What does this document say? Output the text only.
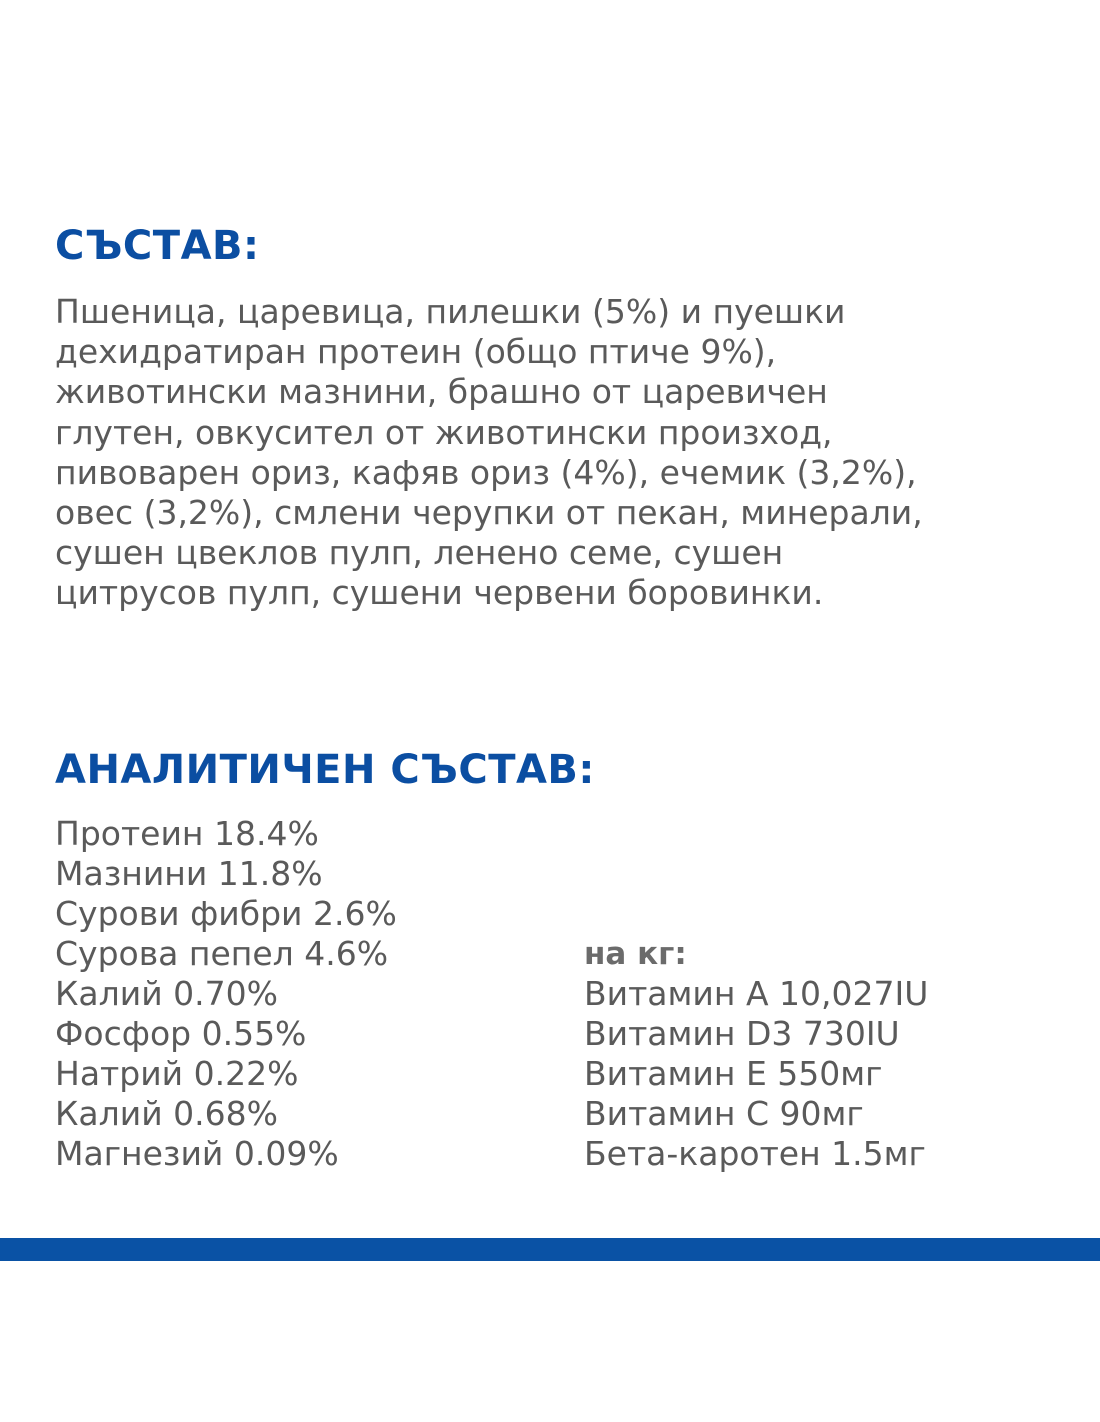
СЪСТАВ:

Пшеница, царевица, пилешки (5%) и пуешки
дехидратиран протеин (общо птиче 9%),
животински мазнини, брашно от царевичен
глутен, овкусител от животински произход,
пивоварен ориз, кафяв ориз (4%), ечемик (3,2%),
овес (3,2%), смлени черупки от пекан, минерали,
сушен цвеклов пулп, ленено семе, сушен
цитрусов пулп, сушени червени боровинки.

АНАЛИТИЧЕН СЪСТАВ:
Протеин 18.4%
Мазнини 11.8%
Сурови фибри 2.6%
Сурова пепел 4.6%
Калий 0.70%
Фосфор 0.55%
Натрий 0.22%
Калий 0.68%
Магнезий 0.09%
на кг:
Витамин А 10,027IU
Витамин D3 730IU
Витамин Е 550мг
Витамин С 90мг
Бета-каротен 1.5мг
